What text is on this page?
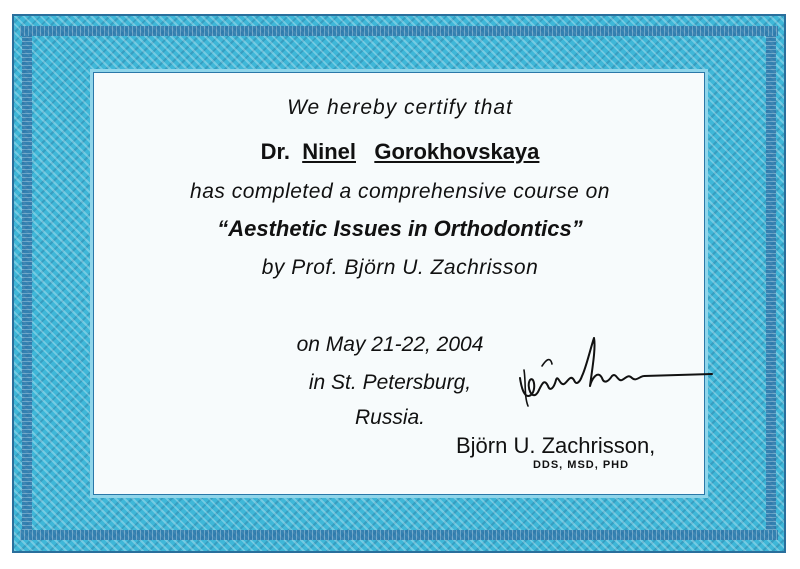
We hereby certify that
Dr. Ninel Gorokhovskaya
has completed a comprehensive course on
“Aesthetic Issues in Orthodontics”
by Prof. Björn U. Zachrisson
on May 21-22, 2004
in St. Petersburg,
Russia.
Björn U. Zachrisson,
DDS, MSD, PHD
